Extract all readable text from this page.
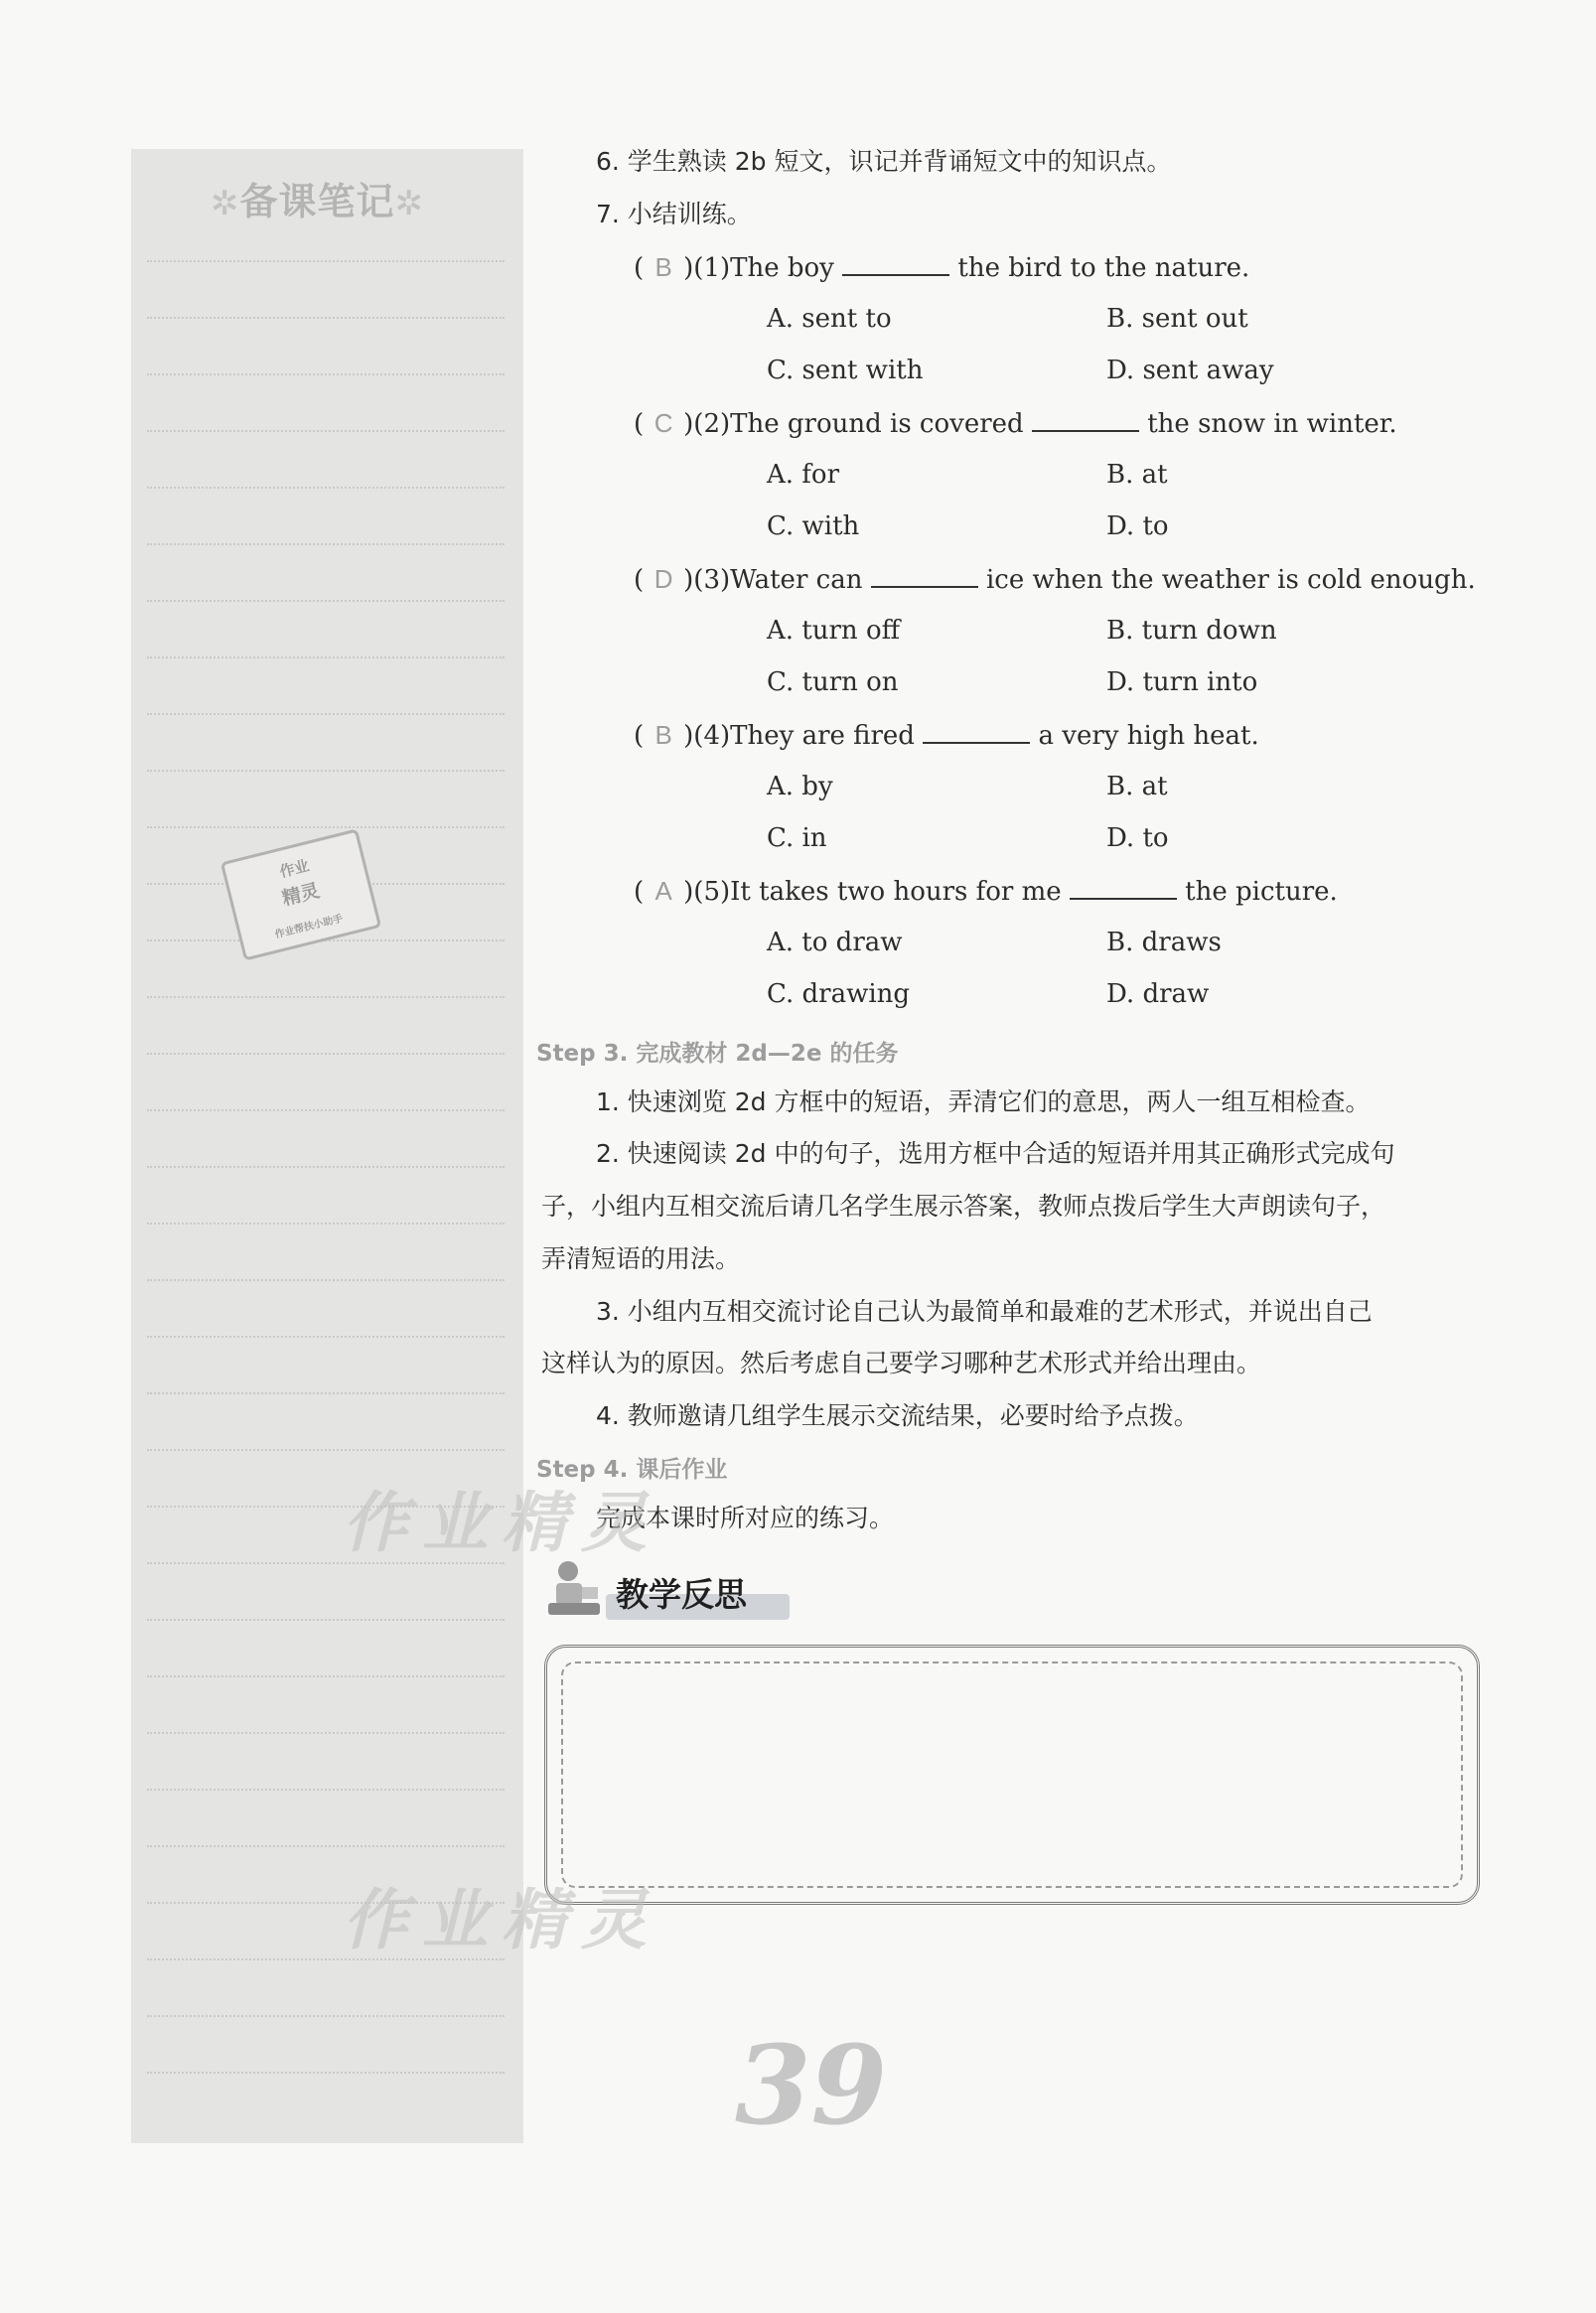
✲备课笔记✲
作业
精灵
作业帮扶小助手
6. 学生熟读 2b 短文，识记并背诵短文中的知识点。
7. 小结训练。
( B )(1)The boy	the bird to the nature.
A. sent to	B. sent out
C. sent with	D. sent away
( C )(2)The ground is covered	the snow in winter.
A. for	B. at
C. with	D. to
( D )(3)Water can	ice when the weather is cold enough.
A. turn off	B. turn down
C. turn on	D. turn into
( B )(4)They are fired	a very high heat.
A. by	B. at
C. in	D. to
( A )(5)It takes two hours for me	the picture.
A. to draw	B. draws
C. drawing	D. draw
Step 3. 完成教材 2d—2e 的任务
1. 快速浏览 2d 方框中的短语，弄清它们的意思，两人一组互相检查。
2. 快速阅读 2d 中的句子，选用方框中合适的短语并用其正确形式完成句
子，小组内互相交流后请几名学生展示答案，教师点拨后学生大声朗读句子，
弄清短语的用法。
3. 小组内互相交流讨论自己认为最简单和最难的艺术形式，并说出自己
这样认为的原因。然后考虑自己要学习哪种艺术形式并给出理由。
4. 教师邀请几组学生展示交流结果，必要时给予点拨。
Step 4. 课后作业
完成本课时所对应的练习。
教学反思
作业精灵
作业精灵
39
